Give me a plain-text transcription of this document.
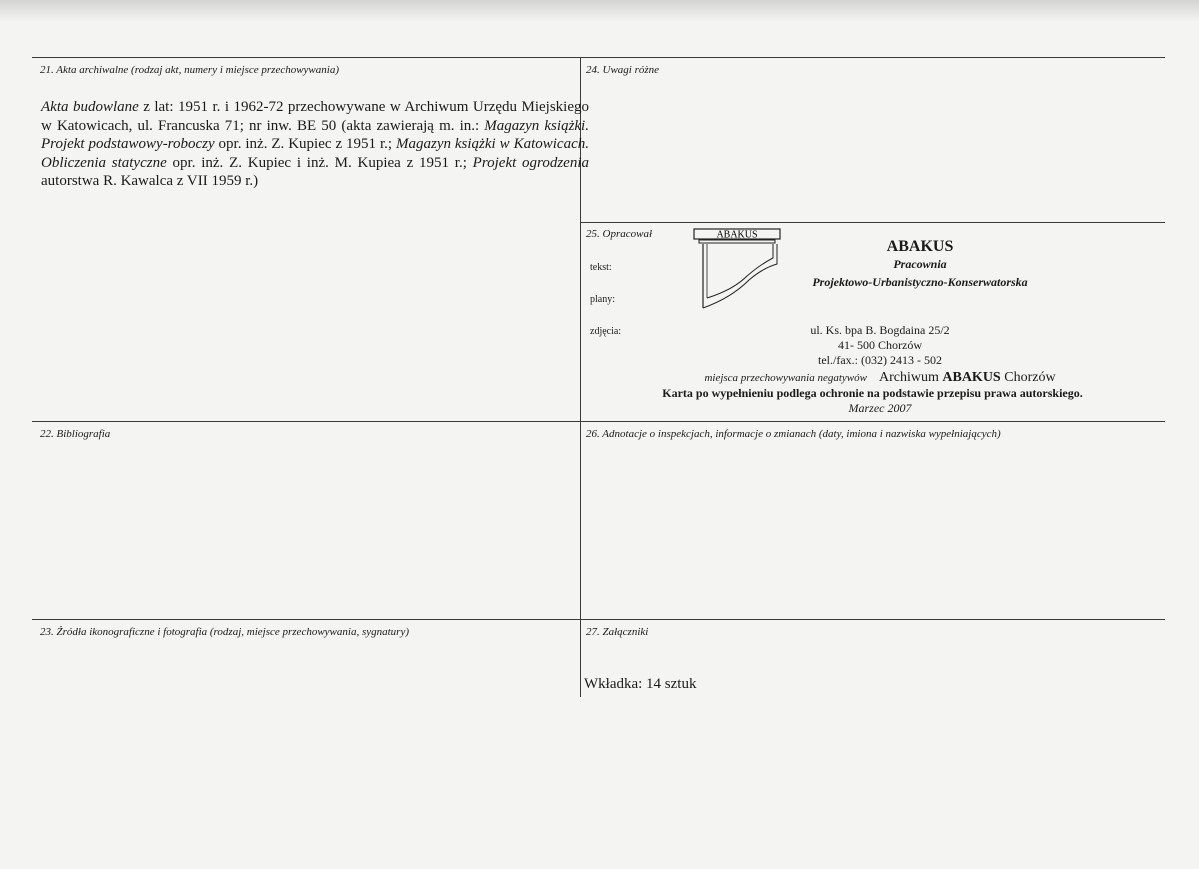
21. Akta archiwalne (rodzaj akt, numery i miejsce przechowywania)
Akta budowlane z lat: 1951 r. i 1962-72 przechowywane w Archiwum Urzędu Miejskiego w Katowicach, ul. Francuska 71; nr inw. BE 50 (akta zawierają m. in.: Magazyn książki. Projekt podstawowy-roboczy opr. inż. Z. Kupiec z 1951 r.; Magazyn książki w Katowicach. Obliczenia statyczne opr. inż. Z. Kupiec i inż. M. Kupiea z 1951 r.; Projekt ogrodzenia autorstwa R. Kawalca z VII 1959 r.)
24. Uwagi różne
25. Opracował
tekst:
plany:
zdjęcia:
ABAKUS
ABAKUS
Pracownia
Projektowo-Urbanistyczno-Konserwatorska
ul. Ks. bpa B. Bogdaina 25/2
41- 500 Chorzów
tel./fax.: (032) 2413 - 502
miejsca przechowywania negatywów Archiwum ABAKUS Chorzów
Karta po wypełnieniu podlega ochronie na podstawie przepisu prawa autorskiego.
Marzec 2007
22. Bibliografia	26. Adnotacje o inspekcjach, informacje o zmianach (daty, imiona i nazwiska wypełniających)
23. Źródła ikonograficzne i fotografia (rodzaj, miejsce przechowywania, sygnatury)	27. Załączniki
Wkładka: 14 sztuk
